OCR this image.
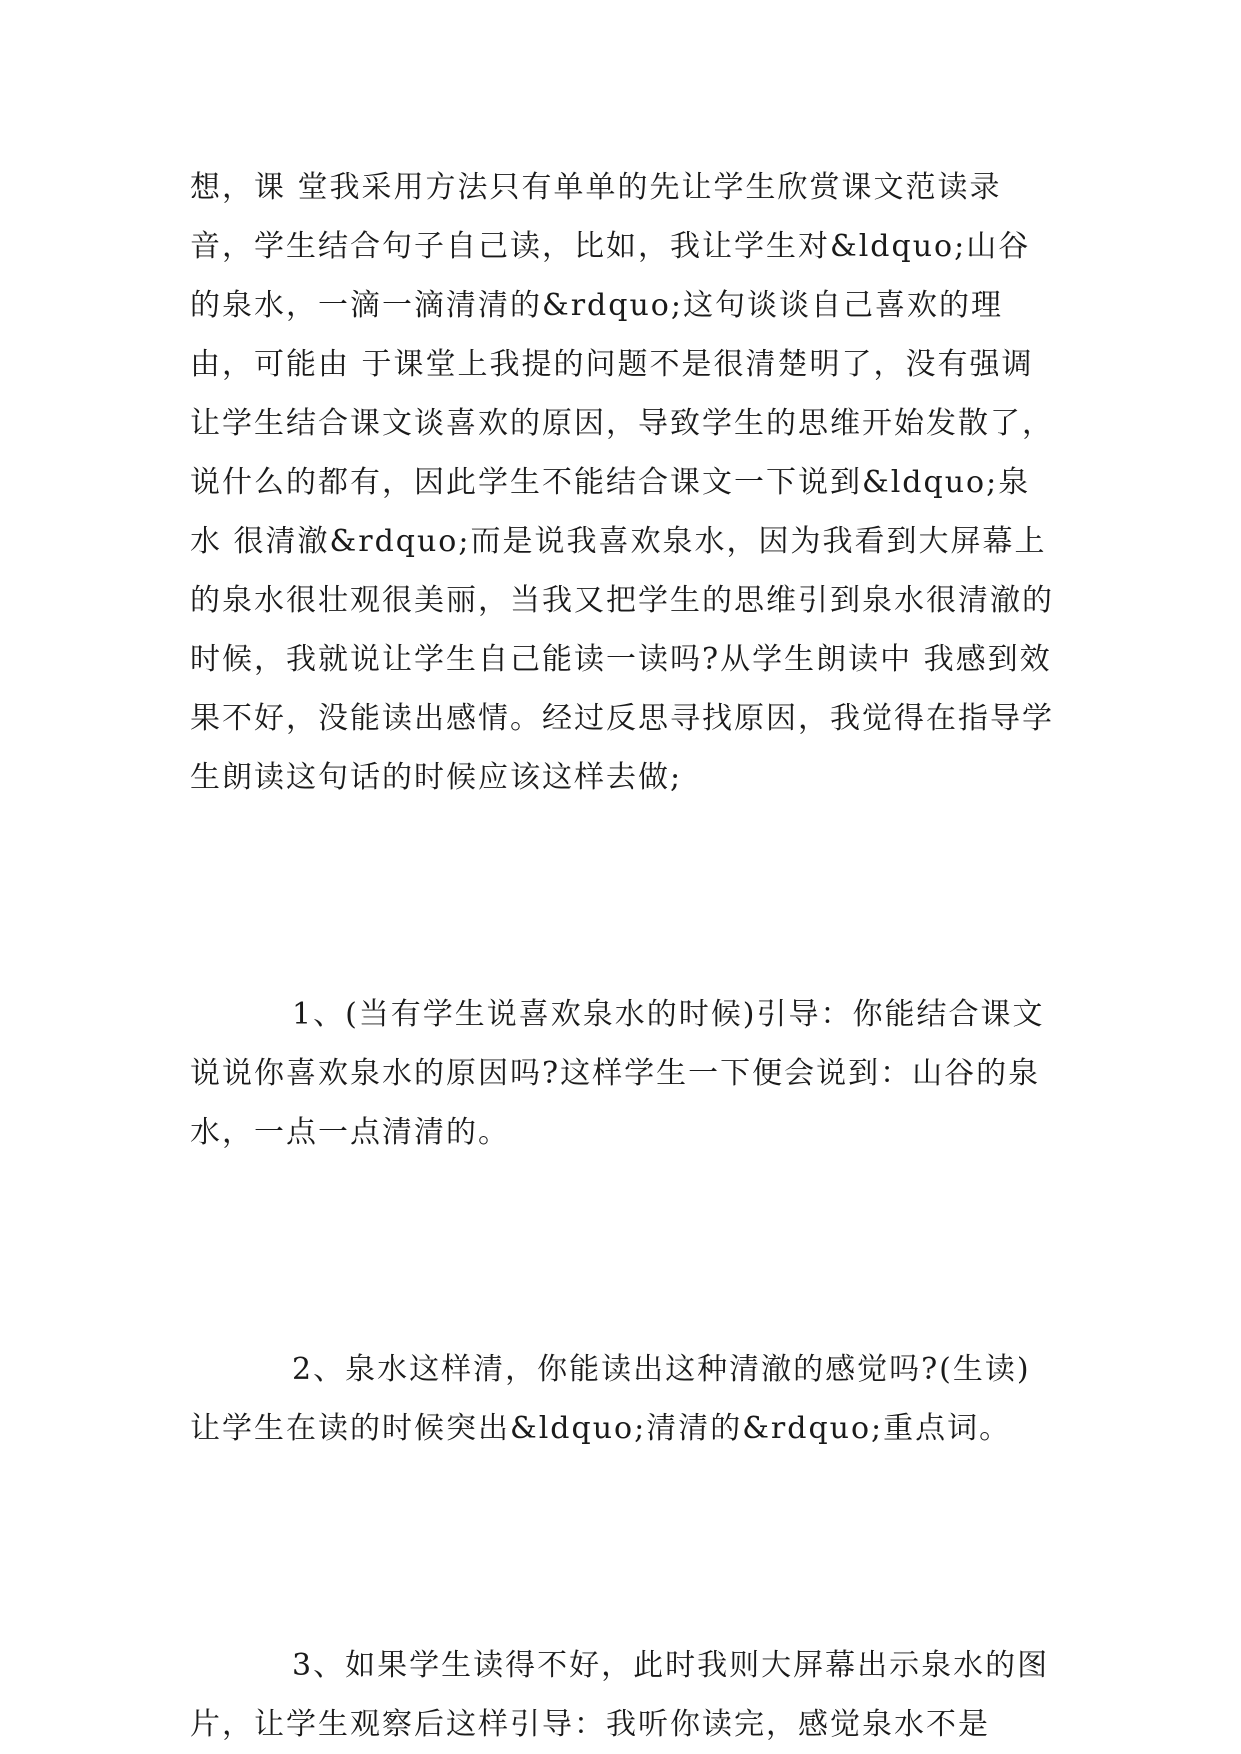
想，课 堂我采用方法只有单单的先让学生欣赏课文范读录音，学生结合句子自己读，比如，我让学生对&ldquo;山谷的泉水，一滴一滴清清的&rdquo;这句谈谈自己喜欢的理由，可能由 于课堂上我提的问题不是很清楚明了，没有强调让学生结合课文谈喜欢的原因，导致学生的思维开始发散了，说什么的都有，因此学生不能结合课文一下说到&ldquo;泉水 很清澈&rdquo;而是说我喜欢泉水，因为我看到大屏幕上的泉水很壮观很美丽，当我又把学生的思维引到泉水很清澈的时候，我就说让学生自己能读一读吗?从学生朗读中 我感到效果不好，没能读出感情。经过反思寻找原因，我觉得在指导学生朗读这句话的时候应该这样去做;

1、(当有学生说喜欢泉水的时候)引导：你能结合课文说说你喜欢泉水的原因吗?这样学生一下便会说到：山谷的泉水，一点一点清清的。

2、泉水这样清，你能读出这种清澈的感觉吗?(生读)让学生在读的时候突出&ldquo;清清的&rdquo;重点词。

3、如果学生读得不好，此时我则大屏幕出示泉水的图片，让学生观察后这样引导：我听你读完，感觉泉水不是
